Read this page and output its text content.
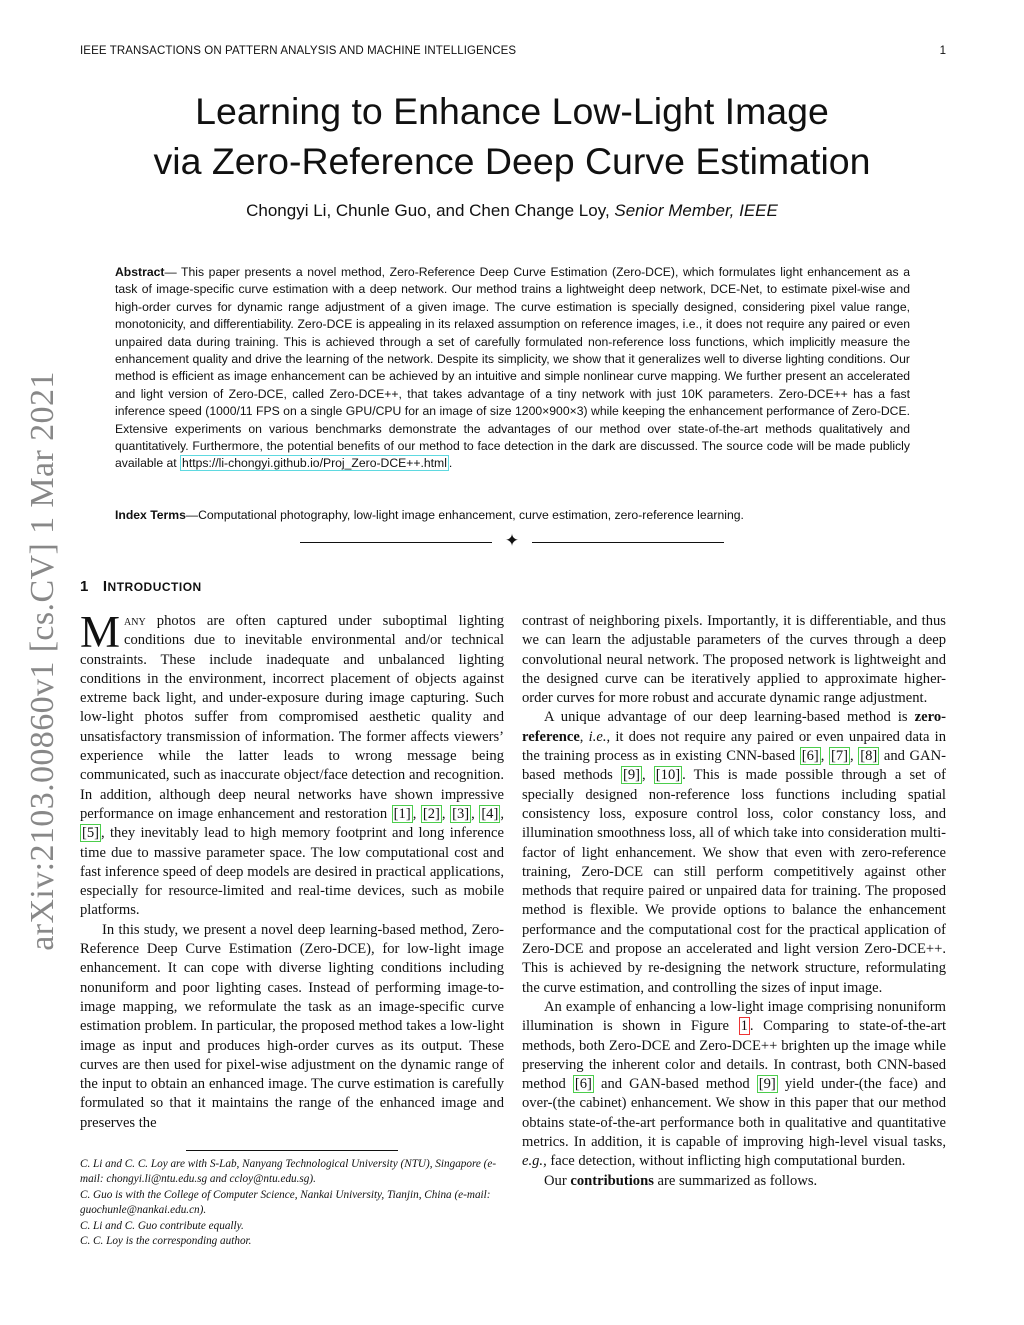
IEEE TRANSACTIONS ON PATTERN ANALYSIS AND MACHINE INTELLIGENCES	1
arXiv:2103.00860v1 [cs.CV] 1 Mar 2021
Learning to Enhance Low-Light Image
via Zero-Reference Deep Curve Estimation
Chongyi Li, Chunle Guo, and Chen Change Loy, Senior Member, IEEE
Abstract— This paper presents a novel method, Zero-Reference Deep Curve Estimation (Zero-DCE), which formulates light enhancement as a task of image-specific curve estimation with a deep network. Our method trains a lightweight deep network, DCE-Net, to estimate pixel-wise and high-order curves for dynamic range adjustment of a given image. The curve estimation is specially designed, considering pixel value range, monotonicity, and differentiability. Zero-DCE is appealing in its relaxed assumption on reference images, i.e., it does not require any paired or even unpaired data during training. This is achieved through a set of carefully formulated non-reference loss functions, which implicitly measure the enhancement quality and drive the learning of the network. Despite its simplicity, we show that it generalizes well to diverse lighting conditions. Our method is efficient as image enhancement can be achieved by an intuitive and simple nonlinear curve mapping. We further present an accelerated and light version of Zero-DCE, called Zero-DCE++, that takes advantage of a tiny network with just 10K parameters. Zero-DCE++ has a fast inference speed (1000/11 FPS on a single GPU/CPU for an image of size 1200×900×3) while keeping the enhancement performance of Zero-DCE. Extensive experiments on various benchmarks demonstrate the advantages of our method over state-of-the-art methods qualitatively and quantitatively. Furthermore, the potential benefits of our method to face detection in the dark are discussed. The source code will be made publicly available at https://li-chongyi.github.io/Proj_Zero-DCE++.html .
Index Terms—Computational photography, low-light image enhancement, curve estimation, zero-reference learning.
✦
1 INTRODUCTION

Many photos are often captured under suboptimal lighting conditions due to inevitable environmental and/or technical constraints. These include inadequate and unbalanced lighting conditions in the environment, incorrect placement of objects against extreme back light, and under-exposure during image capturing. Such low-light photos suffer from compromised aesthetic quality and unsatisfactory transmission of information. The former affects viewers’ experience while the latter leads to wrong message being communicated, such as inaccurate object/face detection and recognition. In addition, although deep neural networks have shown impressive performance on image enhancement and restoration [1] , [2] , [3] , [4] , [5] , they inevitably lead to high memory footprint and long inference time due to massive parameter space. The low computational cost and fast inference speed of deep models are desired in practical applications, especially for resource-limited and real-time devices, such as mobile platforms.

In this study, we present a novel deep learning-based method, Zero-Reference Deep Curve Estimation (Zero-DCE), for low-light image enhancement. It can cope with diverse lighting conditions including nonuniform and poor lighting cases. Instead of performing image-to-image mapping, we reformulate the task as an image-specific curve estimation problem. In particular, the proposed method takes a low-light image as input and produces high-order curves as its output. These curves are then used for pixel-wise adjustment on the dynamic range of the input to obtain an enhanced image. The curve estimation is carefully formulated so that it maintains the range of the enhanced image and preserves the

contrast of neighboring pixels. Importantly, it is differentiable, and thus we can learn the adjustable parameters of the curves through a deep convolutional neural network. The proposed network is lightweight and the designed curve can be iteratively applied to approximate higher-order curves for more robust and accurate dynamic range adjustment.

A unique advantage of our deep learning-based method is zero-reference, i.e., it does not require any paired or even unpaired data in the training process as in existing CNN-based [6] , [7] , [8] and GAN-based methods [9] , [10] . This is made possible through a set of specially designed non-reference loss functions including spatial consistency loss, exposure control loss, color constancy loss, and illumination smoothness loss, all of which take into consideration multi-factor of light enhancement. We show that even with zero-reference training, Zero-DCE can still perform competitively against other methods that require paired or unpaired data for training. The proposed method is flexible. We provide options to balance the enhancement performance and the computational cost for the practical application of Zero-DCE and propose an accelerated and light version Zero-DCE++. This is achieved by re-designing the network structure, reformulating the curve estimation, and controlling the sizes of input image.

An example of enhancing a low-light image comprising nonuniform illumination is shown in Figure 1 . Comparing to state-of-the-art methods, both Zero-DCE and Zero-DCE++ brighten up the image while preserving the inherent color and details. In contrast, both CNN-based method [6] and GAN-based method [9] yield under-(the face) and over-(the cabinet) enhancement. We show in this paper that our method obtains state-of-the-art performance both in qualitative and quantitative metrics. In addition, it is capable of improving high-level visual tasks, e.g., face detection, without inflicting high computational burden.

Our contributions are summarized as follows.

C. Li and C. C. Loy are with S-Lab, Nanyang Technological University (NTU), Singapore (e-mail: chongyi.li@ntu.edu.sg and ccloy@ntu.edu.sg).
C. Guo is with the College of Computer Science, Nankai University, Tianjin, China (e-mail: guochunle@nankai.edu.cn).
C. Li and C. Guo contribute equally.
C. C. Loy is the corresponding author.
